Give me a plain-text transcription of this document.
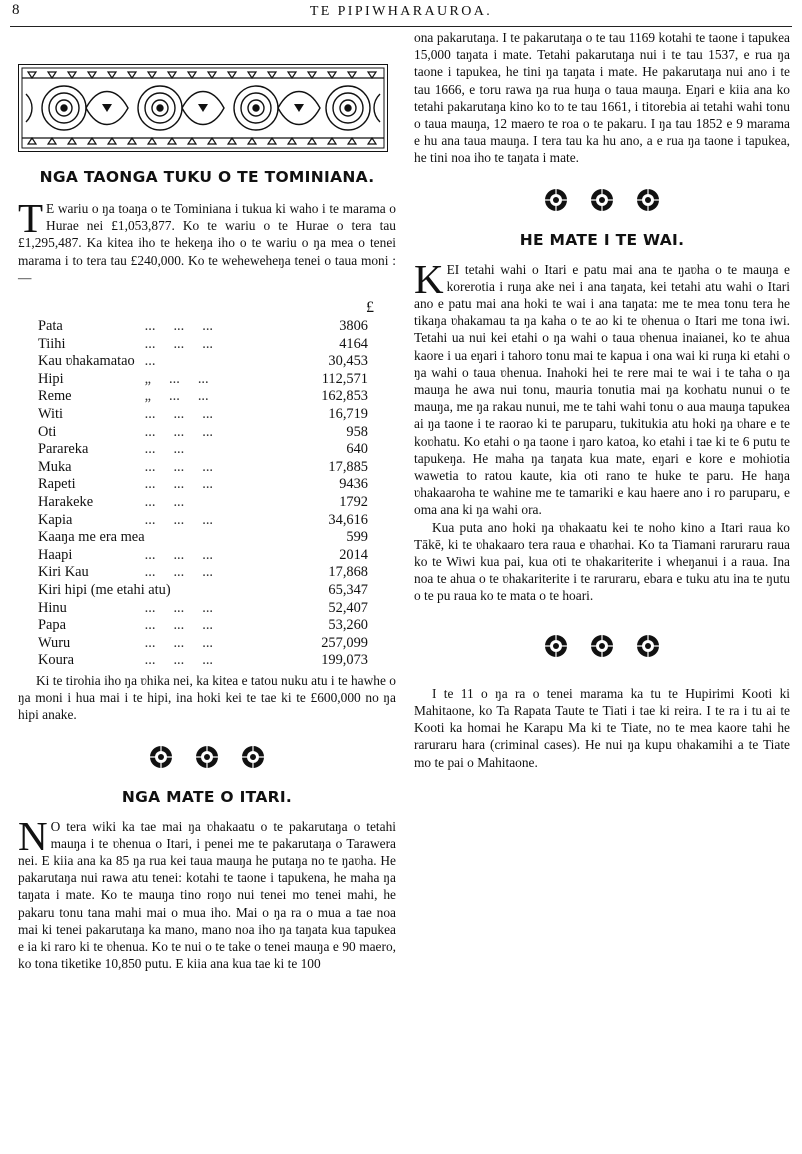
8	TE PIPIWHARAUROA.
NGA TAONGA TUKU O TE TOMINIANA.

T E wariu o ŋa toaŋa o te Tominiana i tukua ki waho i te marama o Hurae nei £1,053,877. Ko te wariu o te Hurae o tera tau £1,295,487. Ka kitea iho te hekeŋa iho o te wariu o ŋa mea o tenei marama i to tera tau £240,000. Ko te weheweheŋa tenei o taua moni :—

£
Pata	...     ...     ...	3806
Tiihi	...     ...     ...	4164
Kau ʋhakamatao	...	30,453
Hipi	„     ...     ...	112,571
Reme	„     ...     ...	162,853
Witi	...     ...     ...	16,719
Oti	...     ...     ...	958
Parareka	...     ...	640
Muka	...     ...     ...	17,885
Rapeti	...     ...     ...	9436
Harakeke	...     ...	1792
Kapia	...     ...     ...	34,616
Kaaŋa me era mea		599
Haapi	...     ...     ...	2014
Kiri Kau	...     ...     ...	17,868
Kiri hipi (me etahi atu)		65,347
Hinu	...     ...     ...	52,407
Papa	...     ...     ...	53,260
Wuru	...     ...     ...	257,099
Koura	...     ...     ...	199,073

Ki te tirohia iho ŋa ʋhika nei, ka kitea e tatou nuku atu i te hawhe o ŋa moni i hua mai i te hipi, ina hoki kei te tae ki te £600,000 no ŋa hipi anake.

NGA MATE O ITARI.

N O tera wiki ka tae mai ŋa ʋhakaatu o te pakarutaŋa o tetahi mauŋa i te ʋhenua o Itari, i penei me te pakarutaŋa o Tarawera nei. E kiia ana ka 85 ŋa rua kei taua mauŋa he putaŋa no te ŋaʋha. He pakarutaŋa nui rawa atu tenei: kotahi te taone i tapukena, he maha ŋa taŋata i mate. Ko te mauŋa tino roŋo nui tenei mo tenei mahi, he pakaru tonu tana mahi mai o mua iho. Mai o ŋa ra o mua a tae noa mai ki tenei pakarutaŋa ka mano, mano noa iho ŋa taŋata kua tapukea e ia ki raro ki te ʋhenua. Ko te nui o te take o tenei mauŋa e 90 maero, ko tona tiketike 10,850 putu. E kiia ana kua tae ki te 100

ona pakarutaŋa. I te pakarutaŋa o te tau 1169 kotahi te taone i tapukea 15,000 taŋata i mate. Tetahi pakarutaŋa nui i te tau 1537, e rua ŋa taone i tapukea, he tini ŋa taŋata i mate. He pakarutaŋa nui ano i te tau 1666, e toru rawa ŋa rua huŋa o taua mauŋa. Eŋari e kiia ana ko tetahi pakarutaŋa kino ko to te tau 1661, i titorebia ai tetahi wahi tonu o taua mauŋa, 12 maero te roa o te pakaru. I ŋa tau 1852 e 9 marama e hu ana taua mauŋa. I tera tau ka hu ano, a e rua ŋa taone i tapukea, he tini noa iho te taŋata i mate.

HE MATE I TE WAI.

KEI tetahi wahi o Itari e patu mai ana te ŋaʋha o te mauŋa e korerotia i ruŋa ake nei i ana taŋata, kei tetahi atu wahi o Itari ano e patu mai ana hoki te wai i ana taŋata: me te mea tonu tera he tikaŋa ʋhakamau ta ŋa kaha o te ao ki te ʋhenua o Itari me tona iwi. Tetahi ua nui kei etahi o ŋa wahi o taua ʋhenua inaianei, ko te ahua kaore i ua eŋari i tahoro tonu mai te kapua i ona wai ki ruŋa ki etahi o ŋa wahi o taua ʋhenua. Inahoki hei te rere mai te wai i te taha o ŋa mauŋa he awa nui tonu, mauria tonutia mai ŋa koʋhatu nunui o te mauŋa, me ŋa rakau nunui, me te tahi wahi tonu o aua mauŋa tapukea ai ŋa taone i te raorao ki te paruparu, tukitukia atu hoki ŋa ʋhare e te koʋhatu. Ko etahi o ŋa taone i ŋaro katoa, ko etahi i tae ki te 6 putu te tapukeŋa. He maha ŋa taŋata kua mate, eŋari e kore e mohiotia wawetia to ratou kaute, kia oti rano te huke te paru. He haŋa ʋhakaaroha te wahine me te tamariki e kau haere ano i ro paruparu, e oma ana ki ŋa wahi ora.

Kua puta ano hoki ŋa ʋhakaatu kei te noho kino a Itari raua ko Tākē, ki te ʋhakaaro tera raua e ʋhaʋhai. Ko ta Tiamani raruraru raua ko te Wiwi kua pai, kua oti te ʋhakariterite i wheŋanui i a raua. Ina noa te ahua o te ʋhakariterite i te raruraru, ebara e tuku atu ina te ŋutu o te pu raua ko te mata o te hoari.

I te 11 o ŋa ra o tenei marama ka tu te Hupirimi Kooti ki Mahitaone, ko Ta Rapata Taute te Tiati i tae ki reira. I te ra i tu ai te Kooti ka homai he Karapu Ma ki te Tiate, no te mea kaore tahi he raruraru hara (criminal cases). He nui ŋa kupu ʋhakamihi a te Tiate mo te pai o Mahitaone.
